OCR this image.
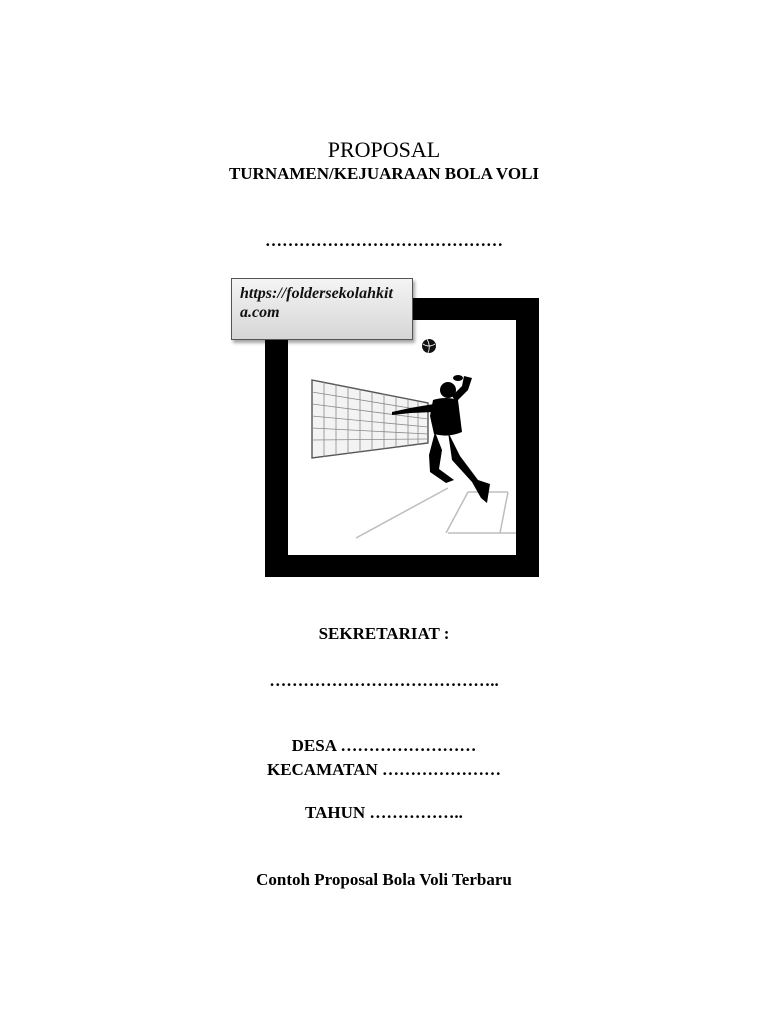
PROPOSAL
TURNAMEN/KEJUARAAN BOLA VOLI
……………………………………
https://foldersekolahkita.com
SEKRETARIAT :
…………………………………..
DESA ……………………
KECAMATAN …………………
TAHUN ……………..
Contoh Proposal Bola Voli Terbaru
